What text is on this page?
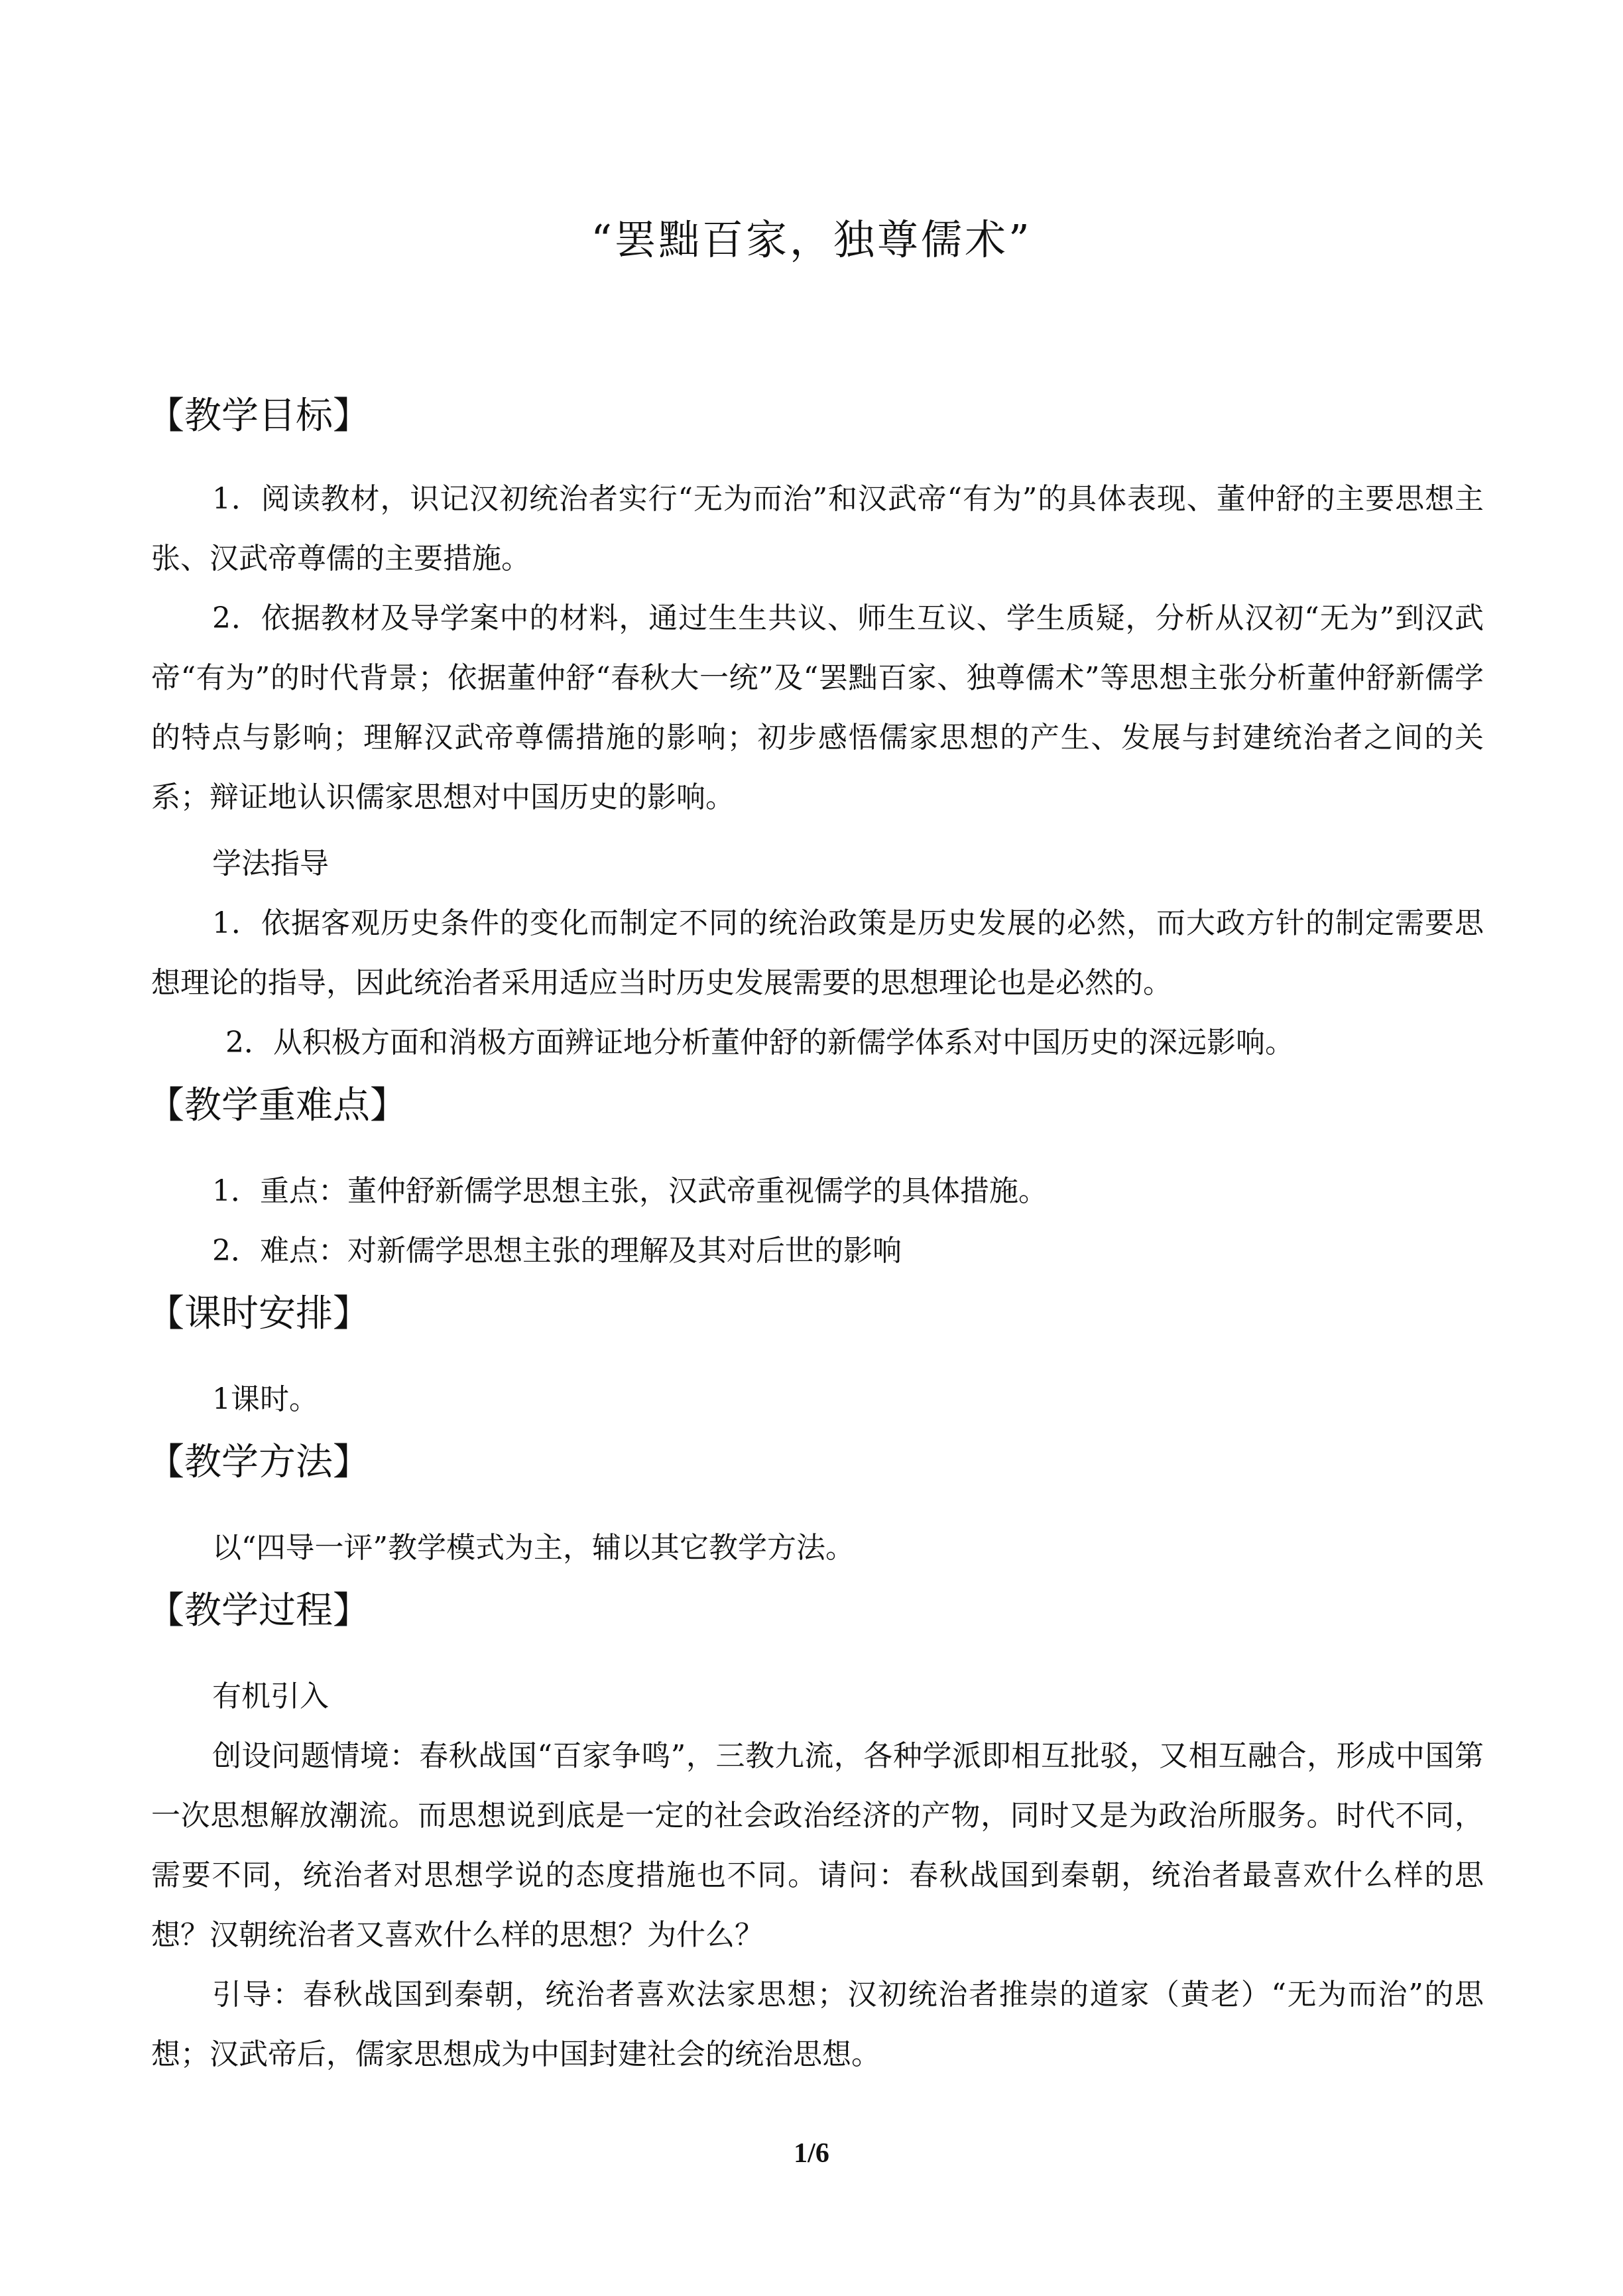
“罢黜百家，独尊儒术”
【教学目标】

1．阅读教材，识记汉初统治者实行“无为而治”和汉武帝“有为”的具体表现、董仲舒的主要思想主张、汉武帝尊儒的主要措施。

2．依据教材及导学案中的材料，通过生生共议、师生互议、学生质疑，分析从汉初“无为”到汉武帝“有为”的时代背景；依据董仲舒“春秋大一统”及“罢黜百家、独尊儒术”等思想主张分析董仲舒新儒学的特点与影响；理解汉武帝尊儒措施的影响；初步感悟儒家思想的产生、发展与封建统治者之间的关系；辩证地认识儒家思想对中国历史的影响。

学法指导

1．依据客观历史条件的变化而制定不同的统治政策是历史发展的必然，而大政方针的制定需要思想理论的指导，因此统治者采用适应当时历史发展需要的思想理论也是必然的。

2．从积极方面和消极方面辨证地分析董仲舒的新儒学体系对中国历史的深远影响。

【教学重难点】

1．重点：董仲舒新儒学思想主张，汉武帝重视儒学的具体措施。

2．难点：对新儒学思想主张的理解及其对后世的影响

【课时安排】

1课时。

【教学方法】

以“四导一评”教学模式为主，辅以其它教学方法。

【教学过程】

有机引入

创设问题情境：春秋战国“百家争鸣”，三教九流，各种学派即相互批驳，又相互融合，形成中国第一次思想解放潮流。而思想说到底是一定的社会政治经济的产物，同时又是为政治所服务。时代不同，需要不同，统治者对思想学说的态度措施也不同。请问：春秋战国到秦朝，统治者最喜欢什么样的思想？汉朝统治者又喜欢什么样的思想？为什么？

引导：春秋战国到秦朝，统治者喜欢法家思想；汉初统治者推崇的道家（黄老）“无为而治”的思想；汉武帝后，儒家思想成为中国封建社会的统治思想。

1/6
